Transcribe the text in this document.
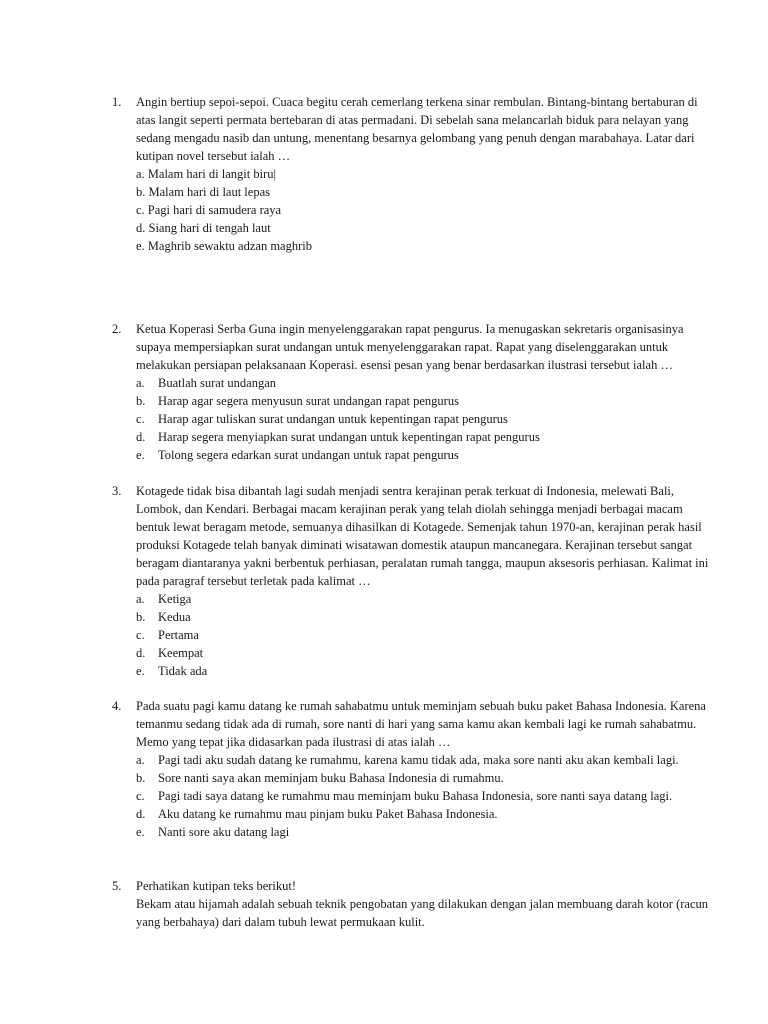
1.	Angin bertiup sepoi-sepoi. Cuaca begitu cerah cemerlang terkena sinar rembulan. Bintang-bintang bertaburan di atas langit seperti permata bertebaran di atas permadani. Di sebelah sana melancarlah biduk para nelayan yang sedang mengadu nasib dan untung, menentang besarnya gelombang yang penuh dengan marabahaya. Latar dari kutipan novel tersebut ialah …

a. Malam hari di langit biru|
b. Malam hari di laut lepas
c. Pagi hari di samudera raya
d. Siang hari di tengah laut
e. Maghrib sewaktu adzan maghrib
2.	Ketua Koperasi Serba Guna ingin menyelenggarakan rapat pengurus. Ia menugaskan sekretaris organisasinya supaya mempersiapkan surat undangan untuk menyelenggarakan rapat. Rapat yang diselenggarakan untuk melakukan persiapan pelaksanaan Koperasi. esensi pesan yang benar berdasarkan ilustrasi tersebut ialah …

a.	Buatlah surat undangan
b.	Harap agar segera menyusun surat undangan rapat pengurus
c.	Harap agar tuliskan surat undangan untuk kepentingan rapat pengurus
d.	Harap segera menyiapkan surat undangan untuk kepentingan rapat pengurus
e.	Tolong segera edarkan surat undangan untuk rapat pengurus
3.	Kotagede tidak bisa dibantah lagi sudah menjadi sentra kerajinan perak terkuat di Indonesia, melewati Bali, Lombok, dan Kendari. Berbagai macam kerajinan perak yang telah diolah sehingga menjadi berbagai macam bentuk lewat beragam metode, semuanya dihasilkan di Kotagede. Semenjak tahun 1970-an, kerajinan perak hasil produksi Kotagede telah banyak diminati wisatawan domestik ataupun mancanegara. Kerajinan tersebut sangat beragam diantaranya yakni berbentuk perhiasan, peralatan rumah tangga, maupun aksesoris perhiasan. Kalimat ini pada paragraf tersebut terletak pada kalimat …

a.	Ketiga
b.	Kedua
c.	Pertama
d.	Keempat
e.	Tidak ada
4.	Pada suatu pagi kamu datang ke rumah sahabatmu untuk meminjam sebuah buku paket Bahasa Indonesia. Karena temanmu sedang tidak ada di rumah, sore nanti di hari yang sama kamu akan kembali lagi ke rumah sahabatmu. Memo yang tepat jika didasarkan pada ilustrasi di atas ialah …

a.	Pagi tadi aku sudah datang ke rumahmu, karena kamu tidak ada, maka sore nanti aku akan kembali lagi.
b.	Sore nanti saya akan meminjam buku Bahasa Indonesia di rumahmu.
c.	Pagi tadi saya datang ke rumahmu mau meminjam buku Bahasa Indonesia, sore nanti saya datang lagi.
d.	Aku datang ke rumahmu mau pinjam buku Paket Bahasa Indonesia.
e.	Nanti sore aku datang lagi
5.	Perhatikan kutipan teks berikut!

Bekam atau hijamah adalah sebuah teknik pengobatan yang dilakukan dengan jalan membuang darah kotor (racun yang berbahaya) dari dalam tubuh lewat permukaan kulit.
